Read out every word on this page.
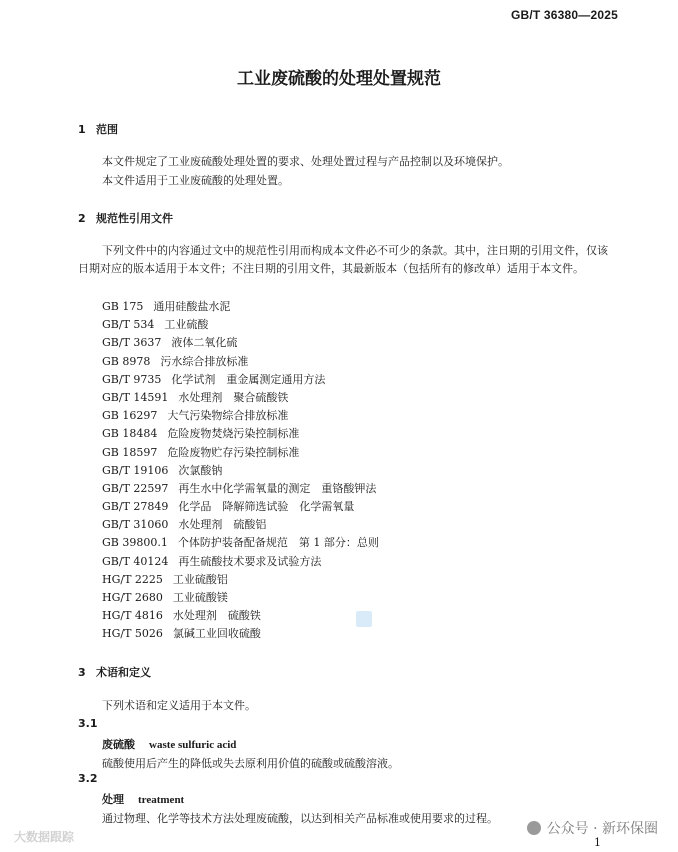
GB/T 36380—2025
工业废硫酸的处理处置规范
1 范围
本文件规定了工业废硫酸处理处置的要求、处理处置过程与产品控制以及环境保护。
本文件适用于工业废硫酸的处理处置。
2 规范性引用文件
下列文件中的内容通过文中的规范性引用而构成本文件必不可少的条款。其中，注日期的引用文件，仅该日期对应的版本适用于本文件；不注日期的引用文件，其最新版本（包括所有的修改单）适用于本文件。
GB 175 通用硅酸盐水泥
GB/T 534 工业硫酸
GB/T 3637 液体二氧化硫
GB 8978 污水综合排放标准
GB/T 9735 化学试剂　重金属测定通用方法
GB/T 14591 水处理剂　聚合硫酸铁
GB 16297 大气污染物综合排放标准
GB 18484 危险废物焚烧污染控制标准
GB 18597 危险废物贮存污染控制标准
GB/T 19106 次氯酸钠
GB/T 22597 再生水中化学需氧量的测定　重铬酸钾法
GB/T 27849 化学品　降解筛选试验　化学需氧量
GB/T 31060 水处理剂　硫酸铝
GB 39800.1 个体防护装备配备规范　第 1 部分：总则
GB/T 40124 再生硫酸技术要求及试验方法
HG/T 2225 工业硫酸铝
HG/T 2680 工业硫酸镁
HG/T 4816 水处理剂　硫酸铁
HG/T 5026 氯碱工业回收硫酸
3 术语和定义
下列术语和定义适用于本文件。
3.1
废硫酸 waste sulfuric acid
硫酸使用后产生的降低或失去原利用价值的硫酸或硫酸溶液。
3.2
处理 treatment
通过物理、化学等技术方法处理废硫酸，以达到相关产品标准或使用要求的过程。
大数据跟踪	公众号 · 新环保圈
1
